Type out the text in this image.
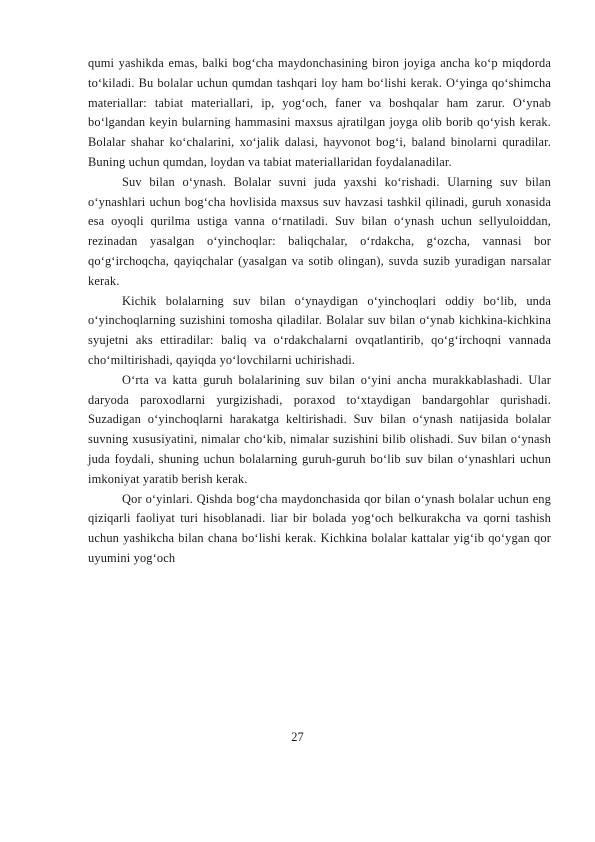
qumi yashikda emas, balki bog‘cha maydonchasining biron joyiga ancha ko‘p miqdorda to‘kiladi. Bu bolalar uchun qumdan tashqari loy ham bo‘lishi kerak. O‘yinga qo‘shimcha materiallar: tabiat materiallari, ip, yog‘och, faner va boshqalar ham zarur. O‘ynab bo‘lgandan keyin bularning hammasini maxsus ajratilgan joyga olib borib qo‘yish kerak. Bolalar shahar ko‘chalarini, xo‘jalik dalasi, hayvonot bog‘i, baland binolarni quradilar. Buning uchun qumdan, loydan va tabiat materiallaridan foydalanadilar.

Suv bilan o‘ynash. Bolalar suvni juda yaxshi ko‘rishadi. Ularning suv bilan o‘ynashlari uchun bog‘cha hovlisida maxsus suv havzasi tashkil qilinadi, guruh xonasida esa oyoqli qurilma ustiga vanna o‘rnatiladi. Suv bilan o‘ynash uchun sellyuloiddan, rezinadan yasalgan o‘yinchoqlar: baliqchalar, o‘rdakcha, g‘ozcha, vannasi bor qo‘g‘irchoqcha, qayiqchalar (yasalgan va sotib olingan), suvda suzib yuradigan narsalar kerak.

Kichik bolalarning suv bilan o‘ynaydigan o‘yinchoqlari oddiy bo‘lib, unda o‘yinchoqlarning suzishini tomosha qiladilar. Bolalar suv bilan o‘ynab kichkina-kichkina syujetni aks ettiradilar: baliq va o‘rdakchalarni ovqatlantirib, qo‘g‘irchoqni vannada cho‘miltirishadi, qayiqda yo‘lovchilarni uchirishadi.

O‘rta va katta guruh bolalarining suv bilan o‘yini ancha murakkablashadi. Ular daryoda paroxodlarni yurgizishadi, poraxod to‘xtaydigan bandargohlar qurishadi. Suzadigan o‘yinchoqlarni harakatga keltirishadi. Suv bilan o‘ynash natijasida bolalar suvning xususiyatini, nimalar cho‘kib, nimalar suzishini bilib olishadi. Suv bilan o‘ynash juda foydali, shuning uchun bolalarning guruh-guruh bo‘lib suv bilan o‘ynashlari uchun imkoniyat yaratib berish kerak.

Qor o‘yinlari. Qishda bog‘cha maydonchasida qor bilan o‘ynash bolalar uchun eng qiziqarli faoliyat turi hisoblanadi. liar bir bolada yog‘och belkurakcha va qorni tashish uchun yashikcha bilan chana bo‘lishi kerak. Kichkina bolalar kattalar yig‘ib qo‘ygan qor uyumini yog‘och

27
